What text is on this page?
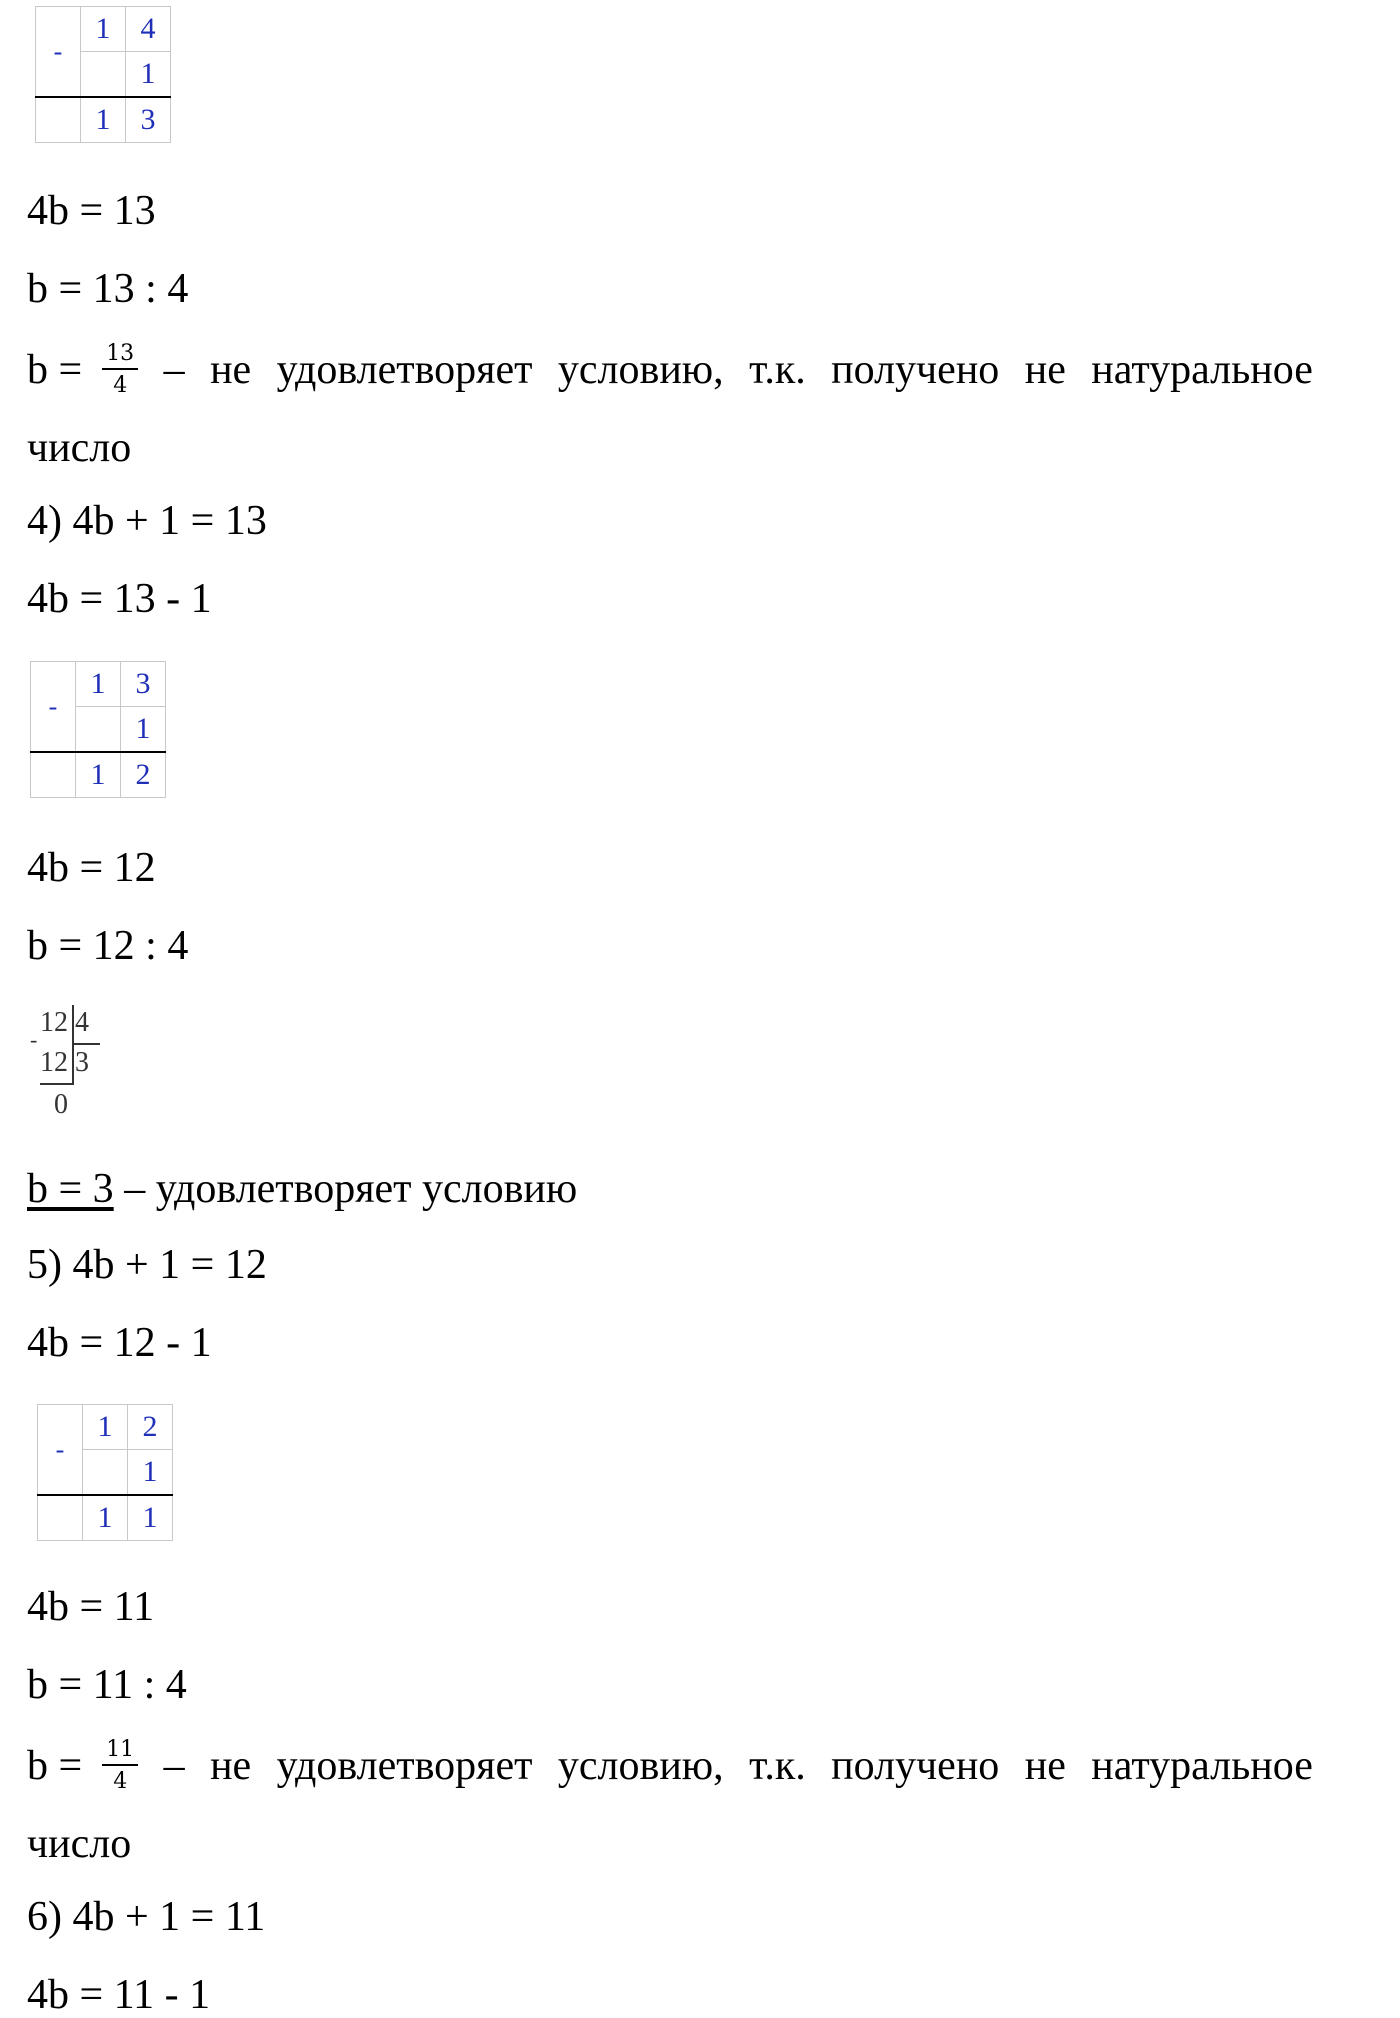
-	1	4
		1
	1	3
4b = 13
b = 13 : 4
$b = \frac{13}{4}$ – не удовлетворяет условию, т.к. получено не натуральное
число
4) 4b + 1 = 13
4b = 13 - 1
-	1	3
		1
	1	2
4b = 12
b = 12 : 4
12 4
-
12 3
0
b = 3 – удовлетворяет условию
5) 4b + 1 = 12
4b = 12 - 1
-	1	2
		1
	1	1
4b = 11
b = 11 : 4
$b = \frac{11}{4}$ – не удовлетворяет условию, т.к. получено не натуральное
число
6) 4b + 1 = 11
4b = 11 - 1
